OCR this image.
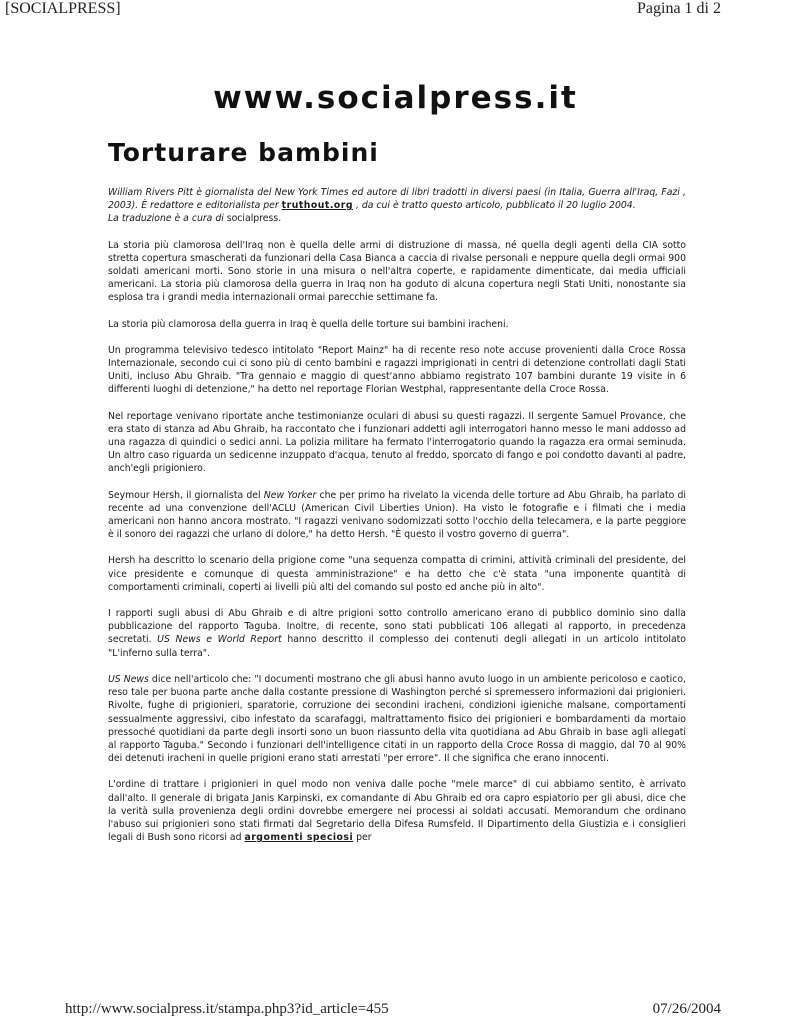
[SOCIALPRESS]	Pagina 1 di 2
www.socialpress.it
Torturare bambini

William Rivers Pitt è giornalista del New York Times ed autore di libri tradotti in diversi paesi (in Italia, Guerra all'Iraq, Fazi , 2003). È redattore e editorialista per truthout.org , da cui è tratto questo articolo, pubblicato il 20 luglio 2004.
La traduzione è a cura di socialpress.

La storia più clamorosa dell'Iraq non è quella delle armi di distruzione di massa, né quella degli agenti della CIA sotto stretta copertura smascherati da funzionari della Casa Bianca a caccia di rivalse personali e neppure quella degli ormai 900 soldati americani morti. Sono storie in una misura o nell'altra coperte, e rapidamente dimenticate, dai media ufficiali americani. La storia più clamorosa della guerra in Iraq non ha goduto di alcuna copertura negli Stati Uniti, nonostante sia esplosa tra i grandi media internazionali ormai parecchie settimane fa.

La storia più clamorosa della guerra in Iraq è quella delle torture sui bambini iracheni.

Un programma televisivo tedesco intitolato "Report Mainz" ha di recente reso note accuse provenienti dalla Croce Rossa Internazionale, secondo cui ci sono più di cento bambini e ragazzi imprigionati in centri di detenzione controllati dagli Stati Uniti, incluso Abu Ghraib. "Tra gennaio e maggio di quest'anno abbiamo registrato 107 bambini durante 19 visite in 6 differenti luoghi di detenzione," ha detto nel reportage Florian Westphal, rappresentante della Croce Rossa.

Nel reportage venivano riportate anche testimonianze oculari di abusi su questi ragazzi. Il sergente Samuel Provance, che era stato di stanza ad Abu Ghraib, ha raccontato che i funzionari addetti agli interrogatori hanno messo le mani addosso ad una ragazza di quindici o sedici anni. La polizia militare ha fermato l'interrogatorio quando la ragazza era ormai seminuda. Un altro caso riguarda un sedicenne inzuppato d'acqua, tenuto al freddo, sporcato di fango e poi condotto davanti al padre, anch'egli prigioniero.

Seymour Hersh, il giornalista del New Yorker che per primo ha rivelato la vicenda delle torture ad Abu Ghraib, ha parlato di recente ad una convenzione dell'ACLU (American Civil Liberties Union). Ha visto le fotografie e i filmati che i media americani non hanno ancora mostrato. "I ragazzi venivano sodomizzati sotto l'occhio della telecamera, e la parte peggiore è il sonoro dei ragazzi che urlano di dolore," ha detto Hersh. "È questo il vostro governo di guerra".

Hersh ha descritto lo scenario della prigione come "una sequenza compatta di crimini, attività criminali del presidente, del vice presidente e comunque di questa amministrazione" e ha detto che c'è stata "una imponente quantità di comportamenti criminali, coperti ai livelli più alti del comando sul posto ed anche più in alto".

I rapporti sugli abusi di Abu Ghraib e di altre prigioni sotto controllo americano erano di pubblico dominio sino dalla pubblicazione del rapporto Taguba. Inoltre, di recente, sono stati pubblicati 106 allegati al rapporto, in precedenza secretati. US News e World Report hanno descritto il complesso dei contenuti degli allegati in un articolo intitolato "L'inferno sulla terra".

US News dice nell'articolo che: "I documenti mostrano che gli abusi hanno avuto luogo in un ambiente pericoloso e caotico, reso tale per buona parte anche dalla costante pressione di Washington perché si spremessero informazioni dai prigionieri. Rivolte, fughe di prigionieri, sparatorie, corruzione dei secondini iracheni, condizioni igieniche malsane, comportamenti sessualmente aggressivi, cibo infestato da scarafaggi, maltrattamento fisico dei prigionieri e bombardamenti da mortaio pressoché quotidiani da parte degli insorti sono un buon riassunto della vita quotidiana ad Abu Ghraib in base agli allegati al rapporto Taguba." Secondo i funzionari dell'intelligence citati in un rapporto della Croce Rossa di maggio, dal 70 al 90% dei detenuti iracheni in quelle prigioni erano stati arrestati "per errore". Il che significa che erano innocenti.

L'ordine di trattare i prigionieri in quel modo non veniva dalle poche "mele marce" di cui abbiamo sentito, è arrivato dall'alto. Il generale di brigata Janis Karpinski, ex comandante di Abu Ghraib ed ora capro espiatorio per gli abusi, dice che la verità sulla provenienza degli ordini dovrebbe emergere nei processi ai soldati accusati. Memorandum che ordinano l'abuso sui prigionieri sono stati firmati dal Segretario della Difesa Rumsfeld. Il Dipartimento della Giustizia e i consiglieri legali di Bush sono ricorsi ad argomenti speciosi per

http://www.socialpress.it/stampa.php3?id_article=455	07/26/2004
